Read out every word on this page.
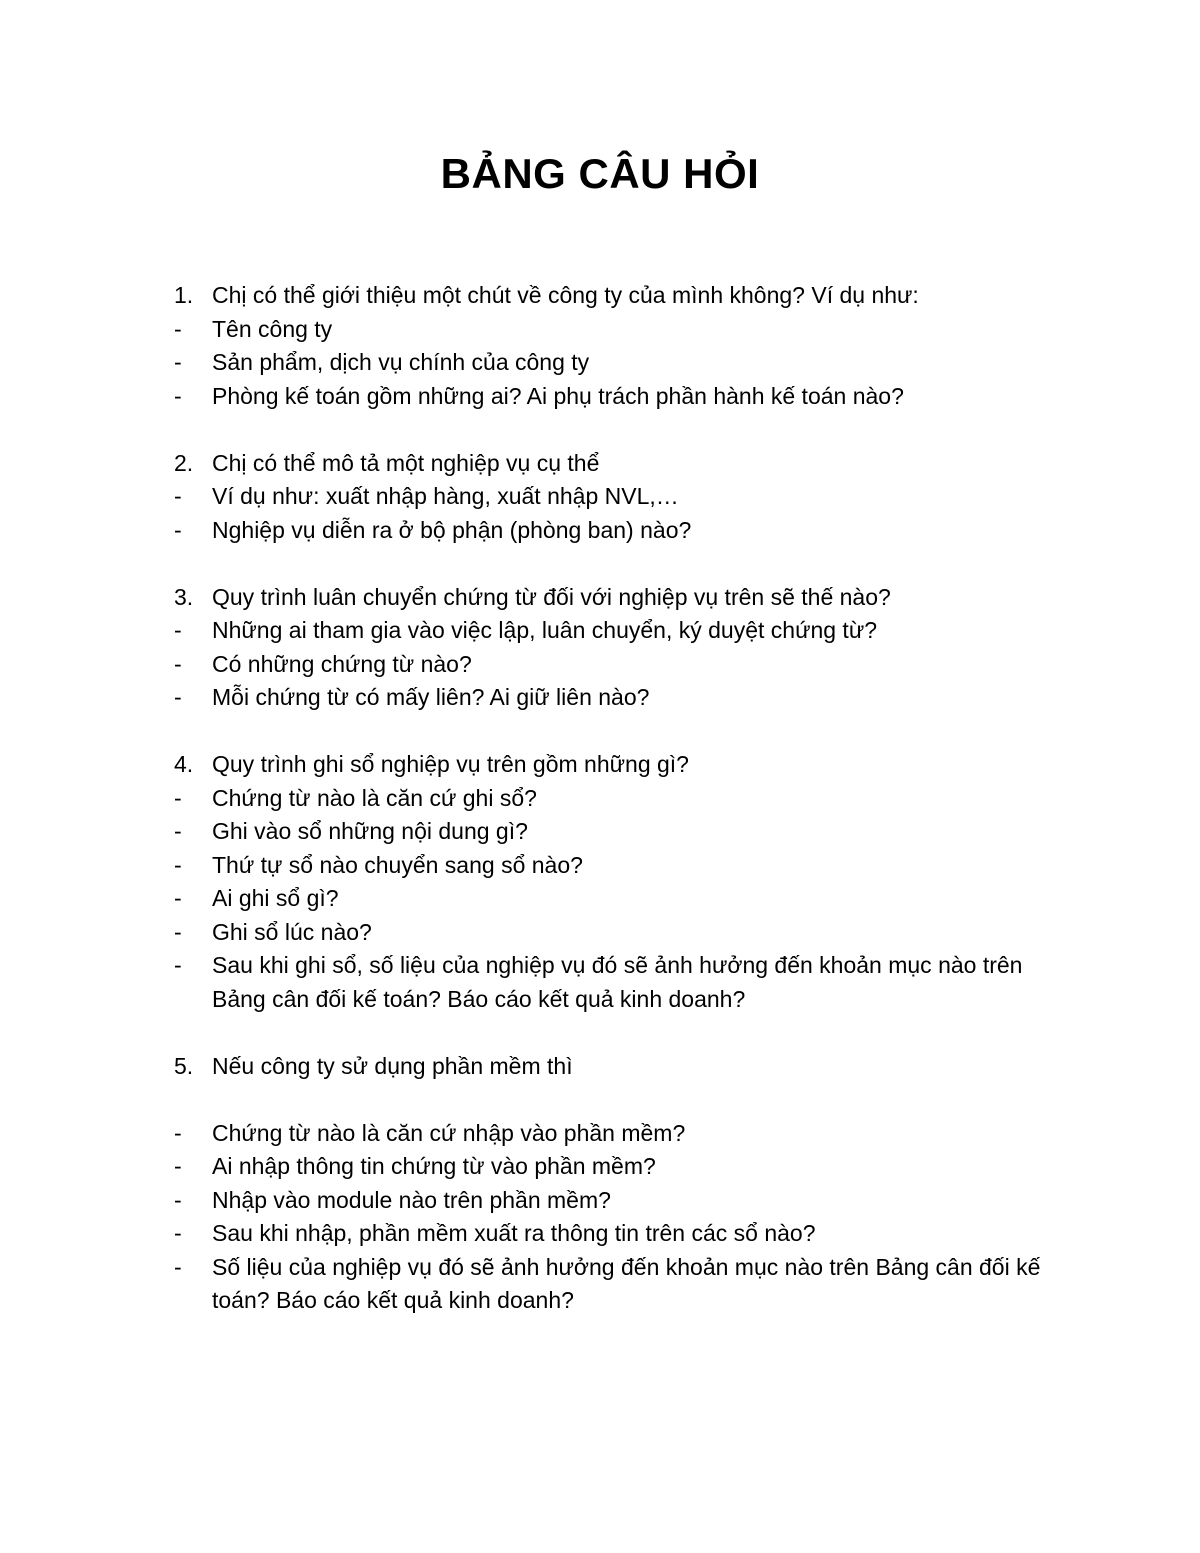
BẢNG CÂU HỎI
1. Chị có thể giới thiệu một chút về công ty của mình không? Ví dụ như:
-	Tên công ty
-	Sản phẩm, dịch vụ chính của công ty
-	Phòng kế toán gồm những ai? Ai phụ trách phần hành kế toán nào?
2. Chị có thể mô tả một nghiệp vụ cụ thể
-	Ví dụ như: xuất nhập hàng, xuất nhập NVL,…
-	Nghiệp vụ diễn ra ở bộ phận (phòng ban) nào?
3. Quy trình luân chuyển chứng từ đối với nghiệp vụ trên sẽ thế nào?
-	Những ai tham gia vào việc lập, luân chuyển, ký duyệt chứng từ?
-	Có những chứng từ nào?
-	Mỗi chứng từ có mấy liên? Ai giữ liên nào?
4. Quy trình ghi sổ nghiệp vụ trên gồm những gì?
-	Chứng từ nào là căn cứ ghi sổ?
-	Ghi vào sổ những nội dung gì?
-	Thứ tự sổ nào chuyển sang sổ nào?
-	Ai ghi sổ gì?
-	Ghi sổ lúc nào?
-	Sau khi ghi sổ, số liệu của nghiệp vụ đó sẽ ảnh hưởng đến khoản mục nào trên Bảng cân đối kế toán? Báo cáo kết quả kinh doanh?
5. Nếu công ty sử dụng phần mềm thì
-	Chứng từ nào là căn cứ nhập vào phần mềm?
-	Ai nhập thông tin chứng từ vào phần mềm?
-	Nhập vào module nào trên phần mềm?
-	Sau khi nhập, phần mềm xuất ra thông tin trên các sổ nào?
-	Số liệu của nghiệp vụ đó sẽ ảnh hưởng đến khoản mục nào trên Bảng cân đối kế toán? Báo cáo kết quả kinh doanh?
